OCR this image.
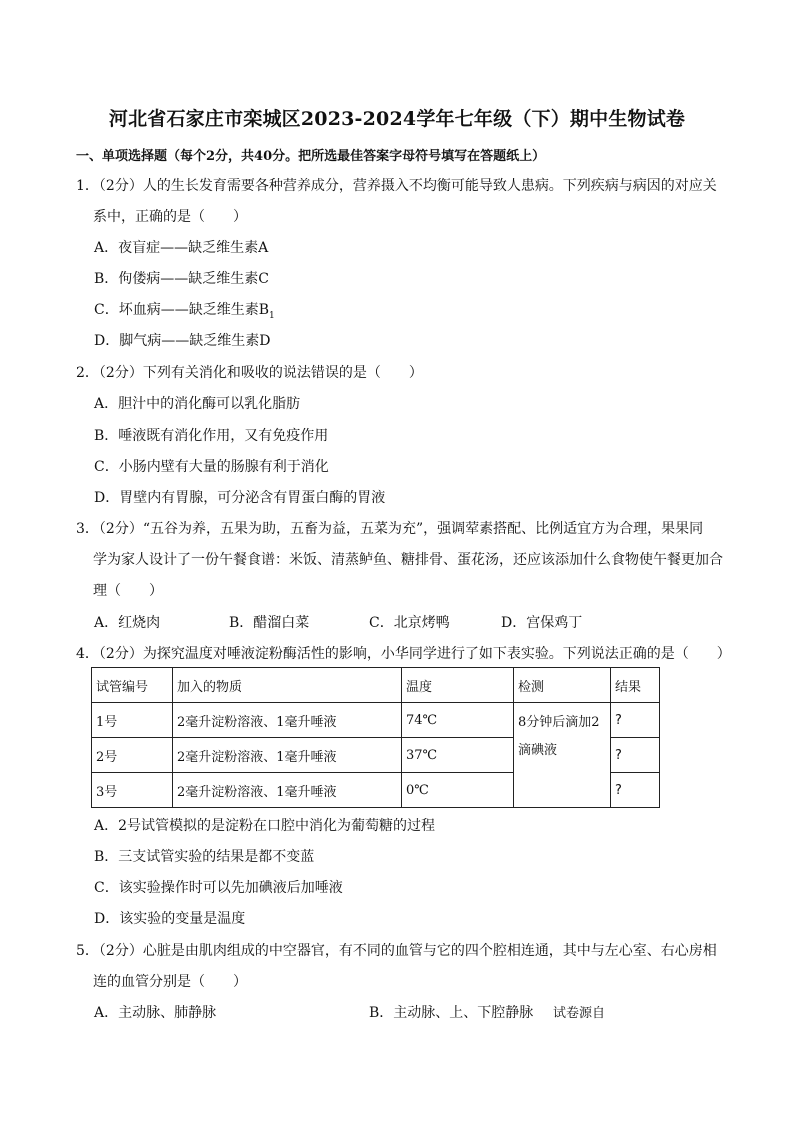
河北省石家庄市栾城区2023-2024学年七年级（下）期中生物试卷
一、单项选择题（每个2分，共40分。把所选最佳答案字母符号填写在答题纸上）
1．（2分）人的生长发育需要各种营养成分，营养摄入不均衡可能导致人患病。下列疾病与病因的对应关
系中，正确的是（　　）
A．夜盲症——缺乏维生素A
B．佝偻病——缺乏维生素C
C．坏血病——缺乏维生素$B_1$
D．脚气病——缺乏维生素D
2．（2分）下列有关消化和吸收的说法错误的是（　　）
A．胆汁中的消化酶可以乳化脂肪
B．唾液既有消化作用，又有免疫作用
C．小肠内壁有大量的肠腺有利于消化
D．胃壁内有胃腺，可分泌含有胃蛋白酶的胃液
3．（2分）“五谷为养，五果为助，五畜为益，五菜为充”，强调荤素搭配、比例适宜方为合理，果果同
学为家人设计了一份午餐食谱：米饭、清蒸鲈鱼、糖排骨、蛋花汤，还应该添加什么食物使午餐更加合
理（　　）
A．红烧肉	B．醋溜白菜	C．北京烤鸭	D．宫保鸡丁
4．（2分）为探究温度对唾液淀粉酶活性的影响，小华同学进行了如下表实验。下列说法正确的是（　　）
试管编号	加入的物质	温度	检测	结果
1号	2毫升淀粉溶液、1毫升唾液	74℃	8分钟后滴加2滴碘液	?
2号	2毫升淀粉溶液、1毫升唾液	37℃		?
3号	2毫升淀粉溶液、1毫升唾液	0℃		?
A．2号试管模拟的是淀粉在口腔中消化为葡萄糖的过程
B．三支试管实验的结果是都不变蓝
C．该实验操作时可以先加碘液后加唾液
D．该实验的变量是温度
5．（2分）心脏是由肌肉组成的中空器官，有不同的血管与它的四个腔相连通，其中与左心室、右心房相
连的血管分别是（　　）
A．主动脉、肺静脉	B．主动脉、上、下腔静脉 试卷源自
